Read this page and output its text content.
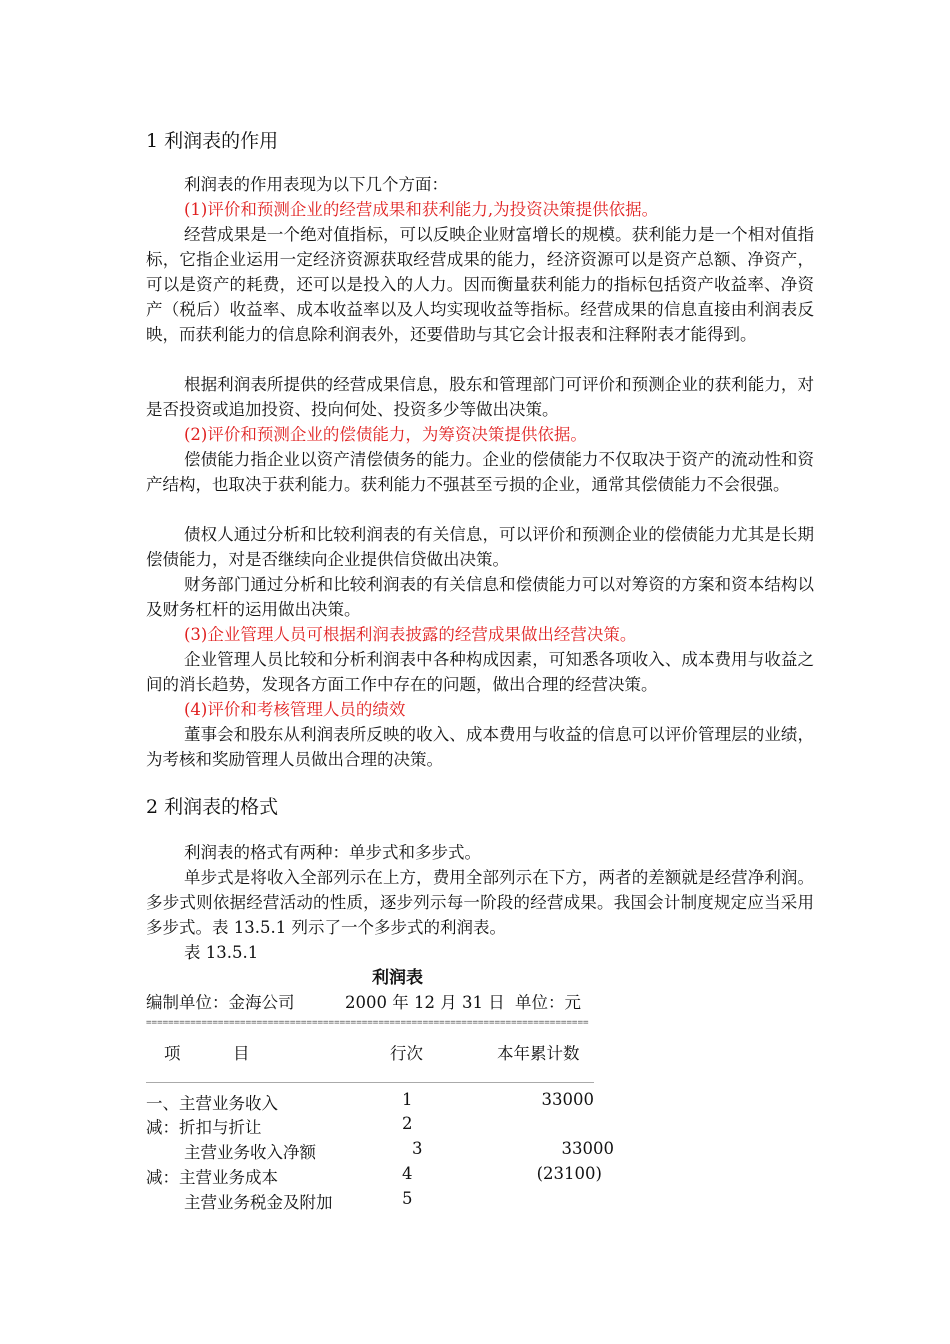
1 利润表的作用
利润表的作用表现为以下几个方面：
(1)评价和预测企业的经营成果和获利能力,为投资决策提供依据。
经营成果是一个绝对值指标，可以反映企业财富增长的规模。获利能力是一个相对值指标，它指企业运用一定经济资源获取经营成果的能力，经济资源可以是资产总额、净资产，可以是资产的耗费，还可以是投入的人力。因而衡量获利能力的指标包括资产收益率、净资产（税后）收益率、成本收益率以及人均实现收益等指标。经营成果的信息直接由利润表反映，而获利能力的信息除利润表外，还要借助与其它会计报表和注释附表才能得到。
根据利润表所提供的经营成果信息，股东和管理部门可评价和预测企业的获利能力，对是否投资或追加投资、投向何处、投资多少等做出决策。
(2)评价和预测企业的偿债能力，为筹资决策提供依据。
偿债能力指企业以资产清偿债务的能力。企业的偿债能力不仅取决于资产的流动性和资产结构，也取决于获利能力。获利能力不强甚至亏损的企业，通常其偿债能力不会很强。
债权人通过分析和比较利润表的有关信息，可以评价和预测企业的偿债能力尤其是长期偿债能力，对是否继续向企业提供信贷做出决策。
财务部门通过分析和比较利润表的有关信息和偿债能力可以对筹资的方案和资本结构以及财务杠杆的运用做出决策。
(3)企业管理人员可根据利润表披露的经营成果做出经营决策。
企业管理人员比较和分析利润表中各种构成因素，可知悉各项收入、成本费用与收益之间的消长趋势，发现各方面工作中存在的问题，做出合理的经营决策。
(4)评价和考核管理人员的绩效
董事会和股东从利润表所反映的收入、成本费用与收益的信息可以评价管理层的业绩，为考核和奖励管理人员做出合理的决策。
2 利润表的格式
利润表的格式有两种：单步式和多步式。
单步式是将收入全部列示在上方，费用全部列示在下方，两者的差额就是经营净利润。多步式则依据经营活动的性质，逐步列示每一阶段的经营成果。我国会计制度规定应当采用多步式。表 13.5.1 列示了一个多步式的利润表。
表 13.5.1
利润表
编制单位：金海公司	2000 年 12 月 31 日 单位：元
================================================================================
项          目	行次	本年累计数
一、主营业务收入	1	33000
减：折扣与折让	2
主营业务收入净额	3	33000
减：主营业务成本	4	(23100)
主营业务税金及附加	5
